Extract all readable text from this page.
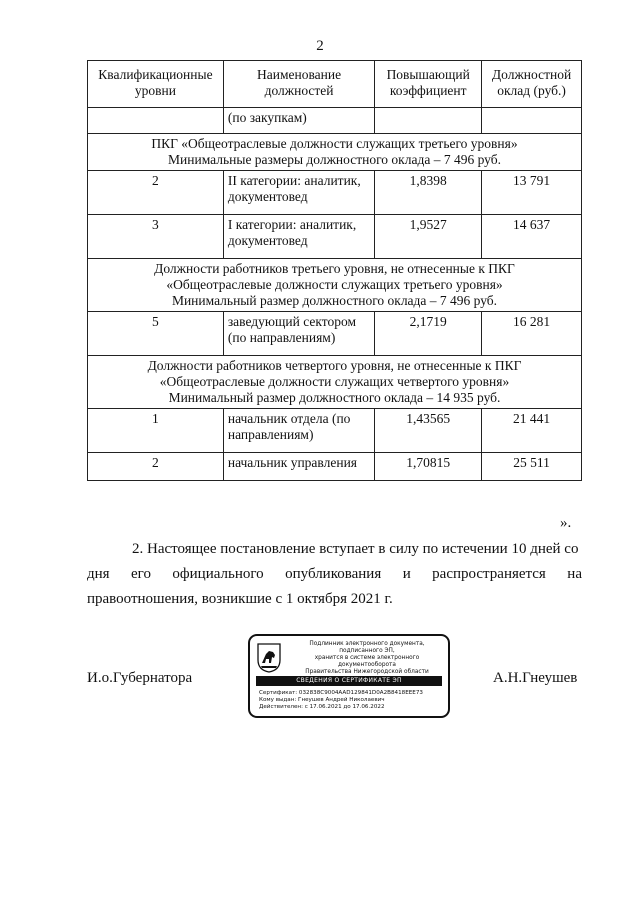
2
Квалификационные уровни	Наименование должностей	Повышающий коэффициент	Должностной оклад (руб.)
	(по закупкам)		

ПКГ «Общеотраслевые должности служащих третьего уровня»
Минимальные размеры должностного оклада – 7 496 руб.			

2	II категории: аналитик, документовед	1,8398	13 791
3	I категории: аналитик, документовед	1,9527	14 637

Должности работников третьего уровня, не отнесенные к ПКГ
«Общеотраслевые должности служащих третьего уровня»
Минимальный размер должностного оклада – 7 496 руб.			

5	заведующий сектором (по направлениям)	2,1719	16 281

Должности работников четвертого уровня, не отнесенные к ПКГ
«Общеотраслевые должности служащих четвертого уровня»
Минимальный размер должностного оклада – 14 935 руб.			

1	начальник отдела (по направлениям)	1,43565	21 441
2	начальник управления	1,70815	25 511
».

2. Настоящее постановление вступает в силу по истечении 10 дней со

дня его официального опубликования и распространяется на
правоотношения, возникшие с 1 октября 2021 г.
И.о.Губернатора	А.Н.Гнеушев
Подлинник электронного документа, подписанного ЭП,
хранится в системе электронного документооборота
Правительства Нижегородской области
СВЕДЕНИЯ О СЕРТИФИКАТЕ ЭП
Сертификат: 032838C9004AAD129841D0A2B8418EEE73
Кому выдан: Гнеушев Андрей Николаевич
Действителен: с 17.06.2021 до 17.06.2022
